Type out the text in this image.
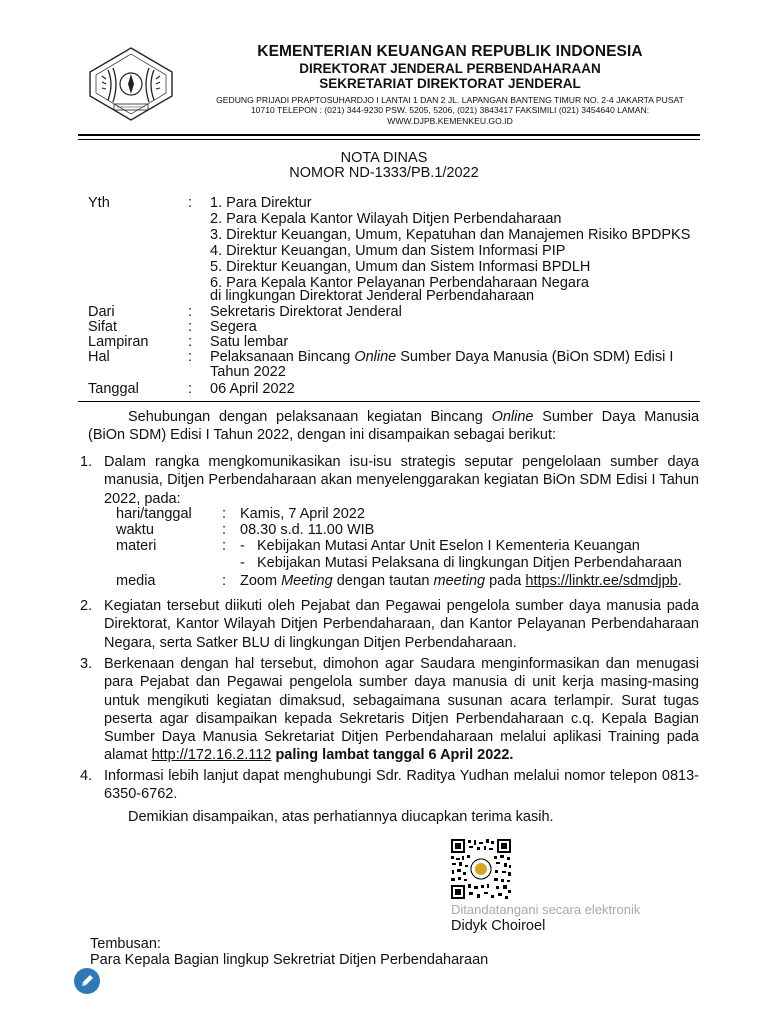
KEMENTERIAN KEUANGAN REPUBLIK INDONESIA
DIREKTORAT JENDERAL PERBENDAHARAAN
SEKRETARIAT DIREKTORAT JENDERAL
GEDUNG PRIJADI PRAPTOSUHARDJO I LANTAI 1 DAN 2 JL. LAPANGAN BANTENG TIMUR NO. 2-4 JAKARTA PUSAT
10710 TELEPON : (021) 344-9230 PSW. 5205, 5206, (021) 3843417 FAKSIMILI (021) 3454640 LAMAN:
WWW.DJPB.KEMENKEU.GO.ID
NOTA DINAS
NOMOR ND-1333/PB.1/2022
Yth	: 1. Para Direktur
2. Para Kepala Kantor Wilayah Ditjen Perbendaharaan
3. Direktur Keuangan, Umum, Kepatuhan dan Manajemen Risiko BPDPKS
4. Direktur Keuangan, Umum dan Sistem Informasi PIP
5. Direktur Keuangan, Umum dan Sistem Informasi BPDLH
6. Para Kepala Kantor Pelayanan Perbendaharaan Negara
di lingkungan Direktorat Jenderal Perbendaharaan
Dari	: Sekretaris Direktorat Jenderal
Sifat	: Segera
Lampiran	: Satu lembar
Hal	: Pelaksanaan Bincang Online Sumber Daya Manusia (BiOn SDM) Edisi I
Tahun 2022
Tanggal	: 06 April 2022
Sehubungan dengan pelaksanaan kegiatan Bincang Online Sumber Daya Manusia (BiOn SDM) Edisi I Tahun 2022, dengan ini disampaikan sebagai berikut:
1. Dalam rangka mengkomunikasikan isu-isu strategis seputar pengelolaan sumber daya manusia, Ditjen Perbendaharaan akan menyelenggarakan kegiatan BiOn SDM Edisi I Tahun 2022, pada:
hari/tanggal : Kamis, 7 April 2022
waktu	: 08.30 s.d. 11.00 WIB
materi	: - Kebijakan Mutasi Antar Unit Eselon I Kementeria Keuangan
- Kebijakan Mutasi Pelaksana di lingkungan Ditjen Perbendaharaan
media	: Zoom Meeting dengan tautan meeting pada https://linktr.ee/sdmdjpb.
2. Kegiatan tersebut diikuti oleh Pejabat dan Pegawai pengelola sumber daya manusia pada Direktorat, Kantor Wilayah Ditjen Perbendaharaan, dan Kantor Pelayanan Perbendaharaan Negara, serta Satker BLU di lingkungan Ditjen Perbendaharaan.
3. Berkenaan dengan hal tersebut, dimohon agar Saudara menginformasikan dan menugasi para Pejabat dan Pegawai pengelola sumber daya manusia di unit kerja masing-masing untuk mengikuti kegiatan dimaksud, sebagaimana susunan acara terlampir. Surat tugas peserta agar disampaikan kepada Sekretaris Ditjen Perbendaharaan c.q. Kepala Bagian Sumber Daya Manusia Sekretariat Ditjen Perbendaharaan melalui aplikasi Training pada alamat http://172.16.2.112 paling lambat tanggal 6 April 2022.
4. Informasi lebih lanjut dapat menghubungi Sdr. Raditya Yudhan melalui nomor telepon 0813-6350-6762.
Demikian disampaikan, atas perhatiannya diucapkan terima kasih.
Ditandatangani secara elektronik
Didyk Choiroel
Tembusan:
Para Kepala Bagian lingkup Sekretriat Ditjen Perbendaharaan
